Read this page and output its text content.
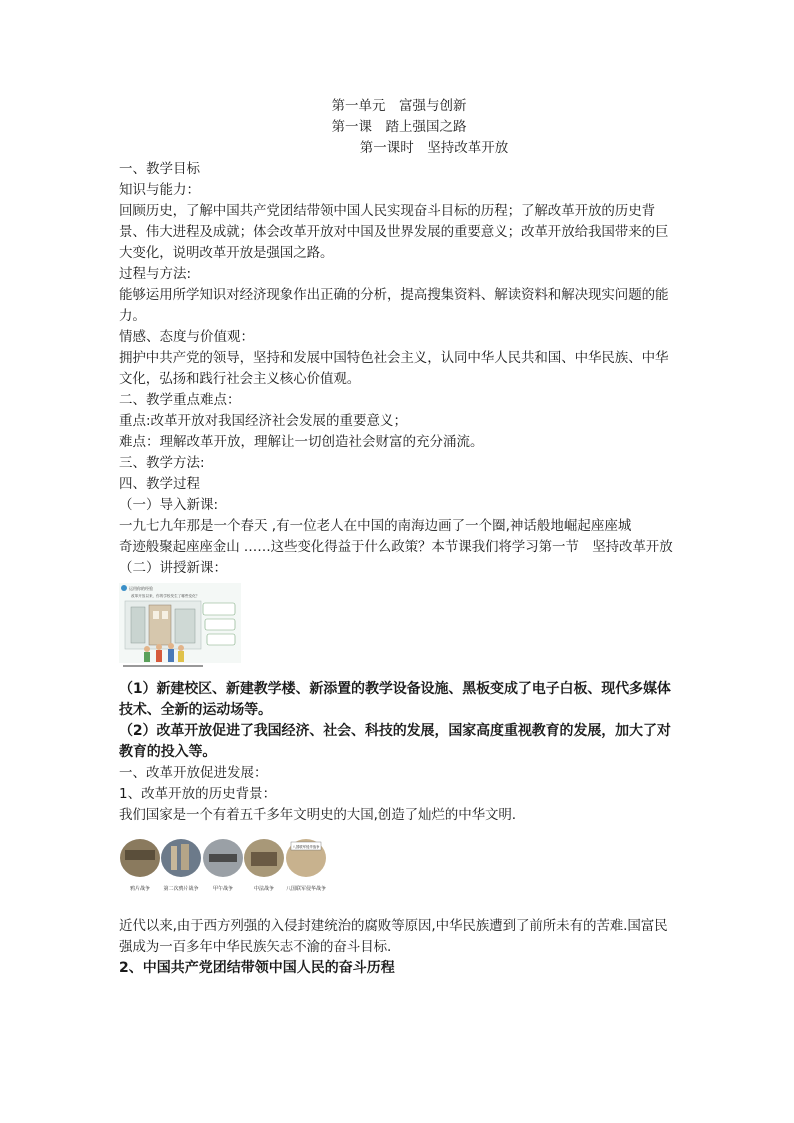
第一单元　富强与创新
第一课　踏上强国之路
第一课时　坚持改革开放
一、教学目标
知识与能力：
回顾历史，了解中国共产党团结带领中国人民实现奋斗目标的历程；了解改革开放的历史背景、伟大进程及成就；体会改革开放对中国及世界发展的重要意义；改革开放给我国带来的巨大变化，说明改革开放是强国之路。
过程与方法:
能够运用所学知识对经济现象作出正确的分析，提高搜集资料、解读资料和解决现实问题的能力。
情感、态度与价值观：
拥护中共产党的领导，坚持和发展中国特色社会主义，认同中华人民共和国、中华民族、中华文化，弘扬和践行社会主义核心价值观。
二、教学重点难点：
重点:改革开放对我国经济社会发展的重要意义；
难点：理解改革开放，理解让一切创造社会财富的充分涌流。
三、教学方法:
四、教学过程
（一）导入新课:
一九七九年那是一个春天 ,有一位老人在中国的南海边画了一个圈,神话般地崛起座座城
奇迹般聚起座座金山 ……这些变化得益于什么政策？本节课我们将学习第一节　坚持改革开放
（二）讲授新课：
运用你的经验
改革开放以来，你的学校发生了哪些变化？
（1）新建校区、新建教学楼、新添置的教学设备设施、黑板变成了电子白板、现代多媒体技术、全新的运动场等。
（2）改革开放促进了我国经济、社会、科技的发展，国家高度重视教育的发展，加大了对教育的投入等。
一、改革开放促进发展：
1、改革开放的历史背景：
我们国家是一个有着五千多年文明史的大国,创造了灿烂的中华文明.
八国联军侵华战争
鸦片战争	第二次鸦片战争	甲午战争	中法战争 八国联军侵华战争
近代以来,由于西方列强的入侵封建统治的腐败等原因,中华民族遭到了前所未有的苦难.国富民强成为一百多年中华民族矢志不渝的奋斗目标.
2、中国共产党团结带领中国人民的奋斗历程
